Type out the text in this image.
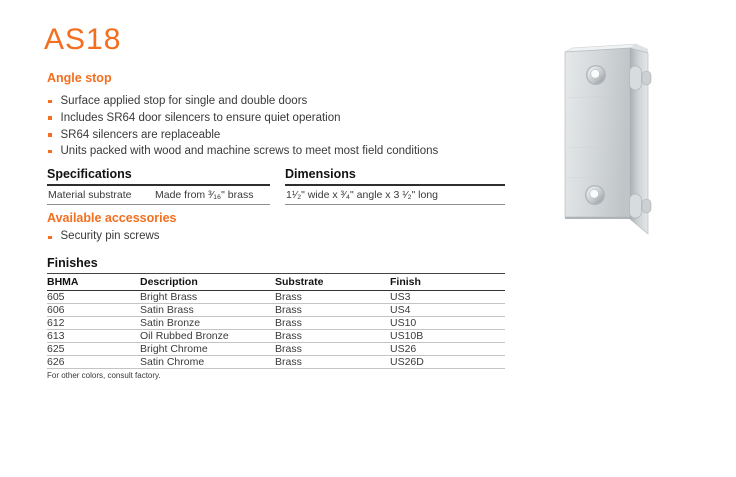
AS18
Angle stop
Surface applied stop for single and double doors
Includes SR64 door silencers to ensure quiet operation
SR64 silencers are replaceable
Units packed with wood and machine screws to meet most field conditions
Specifications
Material substrate	Made from ³⁄₁₆" brass
Dimensions
1¹⁄₂" wide x ³⁄₄" angle x 3 ¹⁄₂" long
Available accessories
Security pin screws
Finishes
BHMA	Description	Substrate	Finish
605	Bright Brass	Brass	US3
606	Satin Brass	Brass	US4
612	Satin Bronze	Brass	US10
613	Oil Rubbed Bronze	Brass	US10B
625	Bright Chrome	Brass	US26
626	Satin Chrome	Brass	US26D
For other colors, consult factory.
